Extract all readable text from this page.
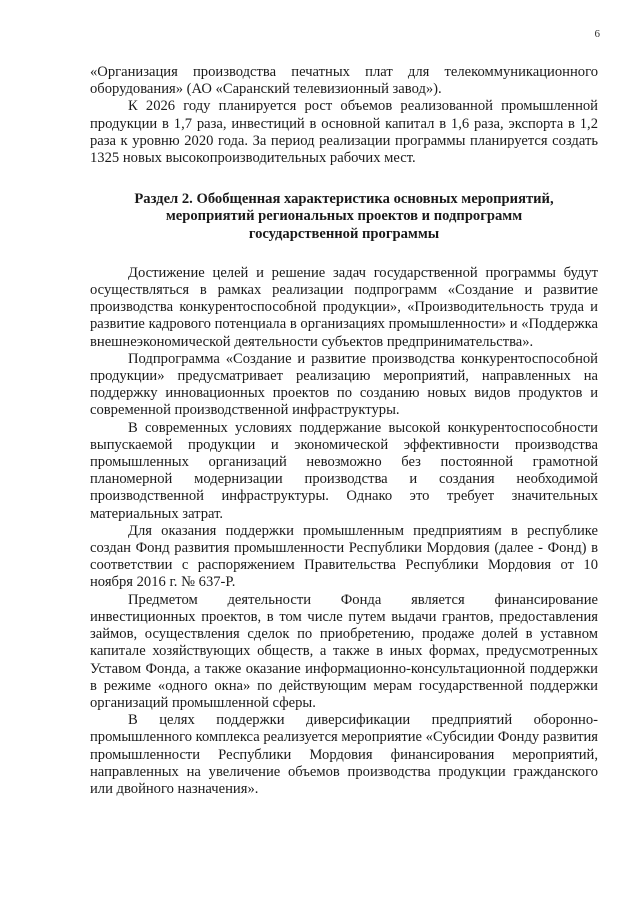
6

«Организация производства печатных плат для телекоммуникационного оборудования» (АО «Саранский телевизионный завод»).

К 2026 году планируется рост объемов реализованной промышленной продукции в 1,7 раза, инвестиций в основной капитал в 1,6 раза, экспорта в 1,2 раза к уровню 2020 года. За период реализации программы планируется создать 1325 новых высокопроизводительных рабочих мест.

Раздел 2. Обобщенная характеристика основных мероприятий,
мероприятий региональных проектов и подпрограмм
государственной программы

Достижение целей и решение задач государственной программы будут осуществляться в рамках реализации подпрограмм «Создание и развитие производства конкурентоспособной продукции», «Производительность труда и развитие кадрового потенциала в организациях промышленности» и «Поддержка внешнеэкономической деятельности субъектов предпринимательства».

Подпрограмма «Создание и развитие производства конкурентоспособной продукции» предусматривает реализацию мероприятий, направленных на поддержку инновационных проектов по созданию новых видов продуктов и современной производственной инфраструктуры.

В современных условиях поддержание высокой конкурентоспособности выпускаемой продукции и экономической эффективности производства промышленных организаций невозможно без постоянной грамотной планомерной модернизации производства и создания необходимой производственной инфраструктуры. Однако это требует значительных материальных затрат.

Для оказания поддержки промышленным предприятиям в республике создан Фонд развития промышленности Республики Мордовия (далее - Фонд) в соответствии с распоряжением Правительства Республики Мордовия от 10 ноября 2016 г. № 637-Р.

Предметом деятельности Фонда является финансирование инвестиционных проектов, в том числе путем выдачи грантов, предоставления займов, осуществления сделок по приобретению, продаже долей в уставном капитале хозяйствующих обществ, а также в иных формах, предусмотренных Уставом Фонда, а также оказание информационно-консультационной поддержки в режиме «одного окна» по действующим мерам государственной поддержки организаций промышленной сферы.

В целях поддержки диверсификации предприятий оборонно-промышленного комплекса реализуется мероприятие «Субсидии Фонду развития промышленности Республики Мордовия финансирования мероприятий, направленных на увеличение объемов производства продукции гражданского или двойного назначения».
